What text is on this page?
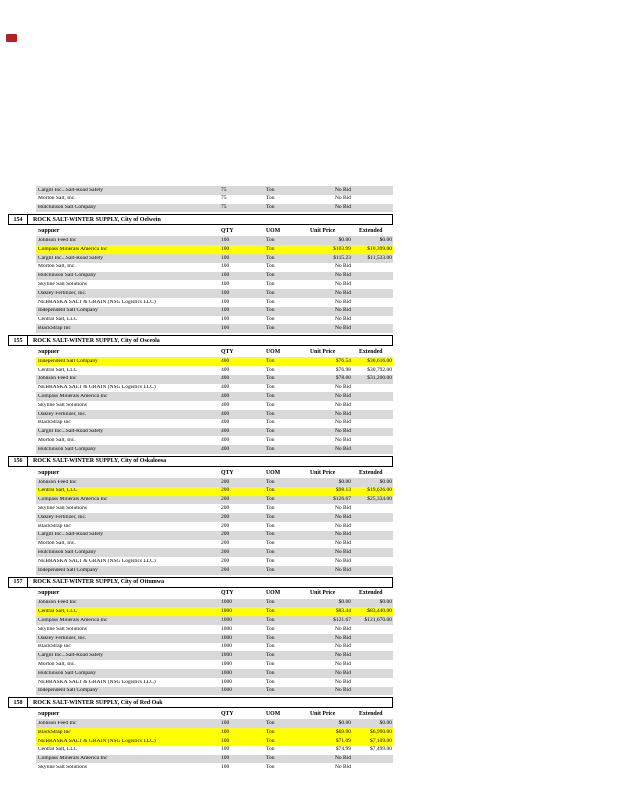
Cargill Inc...Salt-Road Safety	75	Ton	No Bid
Morton Salt, Inc.	75	Ton	No Bid
Hutchinson Salt Company	75	Ton	No Bid
154	ROCK SALT-WINTER SUPPLY, City of Oelwein
Supplier	QTY	UOM	Unit Price	Extended
Johnson Feed Inc	100	Ton	$0.00	$0.00
Compass Minerals America Inc	100	Ton	$103.99	$10,399.00
Cargill Inc...Salt-Road Safety	100	Ton	$115.23	$11,523.00
Morton Salt, Inc.	100	Ton	No Bid
Hutchinson Salt Company	100	Ton	No Bid
Skyline Salt Solutions	100	Ton	No Bid
Oakley Fertilizer, Inc.	100	Ton	No Bid
NEBRASKA SALT & GRAIN (NSG Logistics LLC)	100	Ton	No Bid
Independent Salt Company	100	Ton	No Bid
Central Salt, LLC	100	Ton	No Bid
BlackStrap Inc	100	Ton	No Bid
155	ROCK SALT-WINTER SUPPLY, City of Osceola
Supplier	QTY	UOM	Unit Price	Extended
Independent Salt Company	400	Ton	$76.54	$30,616.00
Central Salt, LLC	400	Ton	$76.98	$30,792.00
Johnson Feed Inc	400	Ton	$78.00	$31,200.00
NEBRASKA SALT & GRAIN (NSG Logistics LLC)	400	Ton	No Bid
Compass Minerals America Inc	400	Ton	No Bid
Skyline Salt Solutions	400	Ton	No Bid
Oakley Fertilizer, Inc.	400	Ton	No Bid
BlackStrap Inc	400	Ton	No Bid
Cargill Inc...Salt-Road Safety	400	Ton	No Bid
Morton Salt, Inc.	400	Ton	No Bid
Hutchinson Salt Company	400	Ton	No Bid
156	ROCK SALT-WINTER SUPPLY, City of Oskaloosa
Supplier	QTY	UOM	Unit Price	Extended
Johnson Feed Inc	200	Ton	$0.00	$0.00
Central Salt, LLC	200	Ton	$98.13	$19,626.00
Compass Minerals America Inc	200	Ton	$126.67	$25,334.00
Skyline Salt Solutions	200	Ton	No Bid
Oakley Fertilizer, Inc.	200	Ton	No Bid
BlackStrap Inc	200	Ton	No Bid
Cargill Inc...Salt-Road Safety	200	Ton	No Bid
Morton Salt, Inc.	200	Ton	No Bid
Hutchinson Salt Company	200	Ton	No Bid
NEBRASKA SALT & GRAIN (NSG Logistics LLC)	200	Ton	No Bid
Independent Salt Company	200	Ton	No Bid
157	ROCK SALT-WINTER SUPPLY, City of Ottumwa
Supplier	QTY	UOM	Unit Price	Extended
Johnson Feed Inc	1000	Ton	$0.00	$0.00
Central Salt, LLC	1000	Ton	$83.44	$83,440.00
Compass Minerals America Inc	1000	Ton	$121.67	$121,670.00
Skyline Salt Solutions	1000	Ton	No Bid
Oakley Fertilizer, Inc.	1000	Ton	No Bid
BlackStrap Inc	1000	Ton	No Bid
Cargill Inc...Salt-Road Safety	1000	Ton	No Bid
Morton Salt, Inc.	1000	Ton	No Bid
Hutchinson Salt Company	1000	Ton	No Bid
NEBRASKA SALT & GRAIN (NSG Logistics LLC)	1000	Ton	No Bid
Independent Salt Company	1000	Ton	No Bid
158	ROCK SALT-WINTER SUPPLY, City of Red Oak
Supplier	QTY	UOM	Unit Price	Extended
Johnson Feed Inc	100	Ton	$0.00	$0.00
BlackStrap Inc	100	Ton	$69.90	$6,990.00
NEBRASKA SALT & GRAIN (NSG Logistics LLC)	100	Ton	$71.09	$7,109.00
Central Salt, LLC	100	Ton	$74.99	$7,499.00
Compass Minerals America Inc	100	Ton	No Bid
Skyline Salt Solutions	100	Ton	No Bid
